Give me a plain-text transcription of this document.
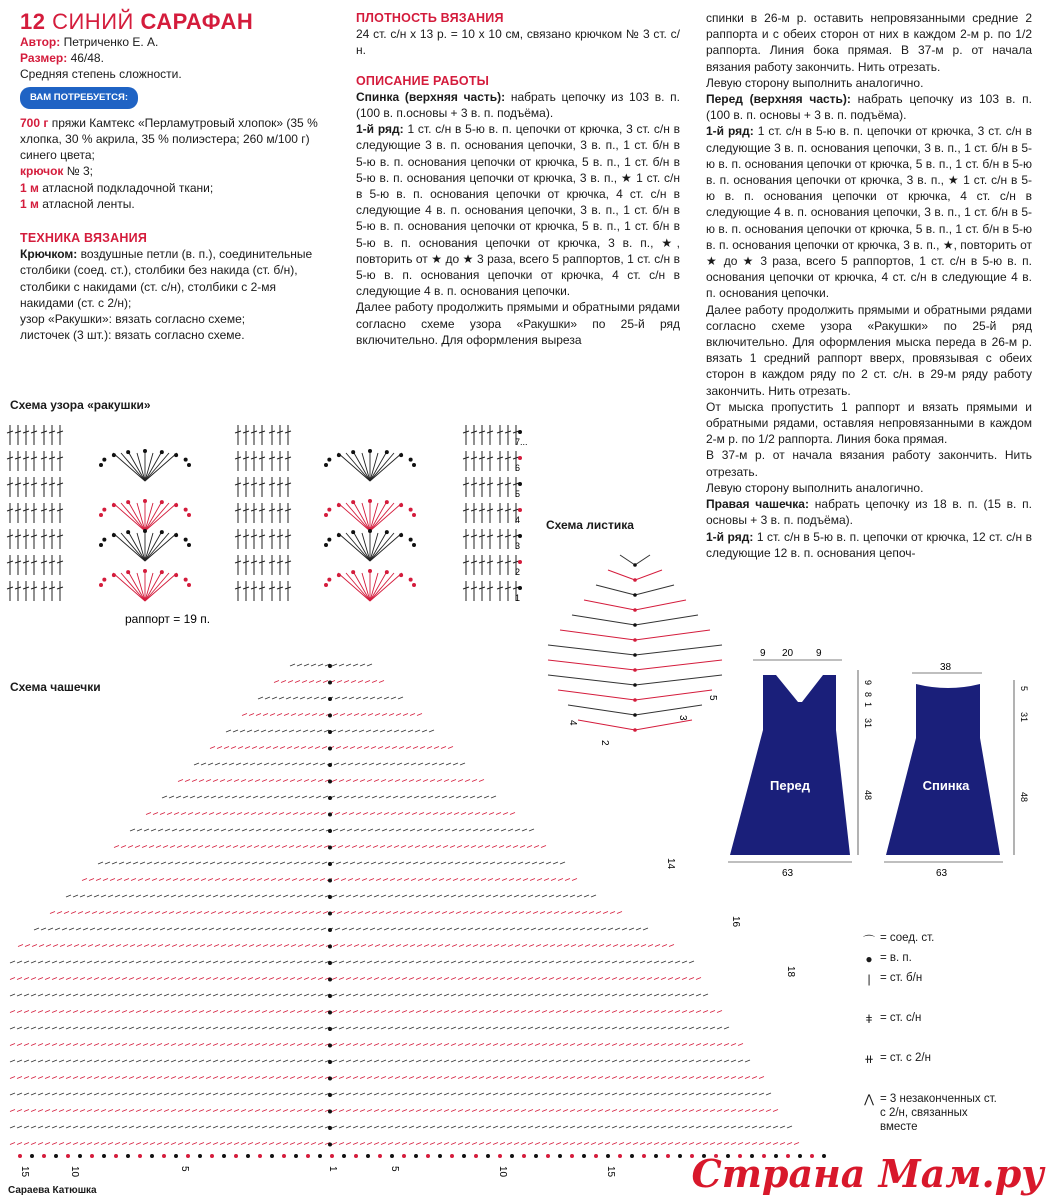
12 СИНИЙ САРАФАН

Автор: Петриченко Е. А.

Размер: 46/48.

Средняя степень сложности.

ВАМ ПОТРЕБУЕТСЯ:

700 г пряжи Камтекс «Перламутровый хлопок» (35 % хлопка, 30 % акрила, 35 % полиэстера; 260 м/100 г) синего цвета;

крючок № 3;

1 м атласной подкладочной ткани;

1 м атласной ленты.

ТЕХНИКА ВЯЗАНИЯ

Крючком: воздушные петли (в. п.), соединительные столбики (соед. ст.), столбики без накида (ст. б/н), столбики с накидами (ст. с/н), столбики с 2-мя накидами (ст. с 2/н);

узор «Ракушки»: вязать согласно схеме;

листочек (3 шт.): вязать согласно схеме.

ПЛОТНОСТЬ ВЯЗАНИЯ

24 ст. с/н х 13 р. = 10 х 10 см, связано крючком № 3 ст. с/н.

ОПИСАНИЕ РАБОТЫ

Спинка (верхняя часть): набрать цепочку из 103 в. п. (100 в. п.основы + 3 в. п. подъёма).

1-й ряд: 1 ст. с/н в 5-ю в. п. цепочки от крючка, 3 ст. с/н в следующие 3 в. п. основания цепочки, 3 в. п., 1 ст. б/н в 5-ю в. п. основания цепочки от крючка, 5 в. п., 1 ст. б/н в 5-ю в. п. основания цепочки от крючка, 3 в. п., ★ 1 ст. с/н в 5-ю в. п. основания цепочки от крючка, 4 ст. с/н в следующие 4 в. п. основания цепочки, 3 в. п., 1 ст. б/н в 5-ю в. п. основания цепочки от крючка, 5 в. п., 1 ст. б/н в 5-ю в. п. основания цепочки от крючка, 3 в. п., ★, повторить от ★ до ★ 3 раза, всего 5 раппортов, 1 ст. с/н в 5-ю в. п. основания цепочки от крючка, 4 ст. с/н в следующие 4 в. п. основания цепочки.

Далее работу продолжить прямыми и обратными рядами согласно схеме узора «Ракушки» по 25-й ряд включительно. Для оформления выреза

спинки в 26-м р. оставить непровязанными средние 2 раппорта и с обеих сторон от них в каждом 2-м р. по 1/2 раппорта. Линия бока прямая. В 37-м р. от начала вязания работу закончить. Нить отрезать.

Левую сторону выполнить аналогично.

Перед (верхняя часть): набрать цепочку из 103 в. п. (100 в. п. основы + 3 в. п. подъёма).

1-й ряд: 1 ст. с/н в 5-ю в. п. цепочки от крючка, 3 ст. с/н в следующие 3 в. п. основания цепочки, 3 в. п., 1 ст. б/н в 5-ю в. п. основания цепочки от крючка, 5 в. п., 1 ст. б/н в 5-ю в. п. основания цепочки от крючка, 3 в. п., ★ 1 ст. с/н в 5-ю в. п. основания цепочки от крючка, 4 ст. с/н в следующие 4 в. п. основания цепочки, 3 в. п., 1 ст. б/н в 5-ю в. п. основания цепочки от крючка, 5 в. п., 1 ст. б/н в 5-ю в. п. основания цепочки от крючка, 3 в. п., ★, повторить от ★ до ★ 3 раза, всего 5 раппортов, 1 ст. с/н в 5-ю в. п. основания цепочки от крючка, 4 ст. с/н в следующие 4 в. п. основания цепочки.

Далее работу продолжить прямыми и обратными рядами согласно схеме узора «Ракушки» по 25-й ряд включительно. Для оформления мыска переда в 26-м р. вязать 1 средний раппорт вверх, провязывая с обеих сторон в каждом ряду по 2 ст. с/н. в 29-м ряду работу закончить. Нить отрезать.

От мыска пропустить 1 раппорт и вязать прямыми и обратными рядами, оставляя непровязанными в каждом 2-м р. по 1/2 раппорта. Линия бока прямая.

В 37-м р. от начала вязания работу закончить. Нить отрезать.

Левую сторону выполнить аналогично.

Правая чашечка: набрать цепочку из 18 в. п. (15 в. п. основы + 3 в. п. подъёма).

1-й ряд: 1 ст. с/н в 5-ю в. п. цепочки от крючка, 12 ст. с/н в следующие 12 в. п. основания цепоч-

Схема узора «ракушки»
1
2
3
4
5
6
7...
раппорт = 19 п.
Схема листика
2
3
5
4
Схема чашечки
14
16
18
15	10	5	1	5	10	15
Перед
9 20 9
63
9
8
1
31
48
Спинка
38
63
5
31
48
⌒ = соед. ст.
● = в. п.
| = ст. б/н
ǂ = ст. с/н
⧺ = ст. с 2/н
⋀ = 3 незаконченных ст. с 2/н, связанных вместе
Сараева Катюшка	Страна Мам.ру
